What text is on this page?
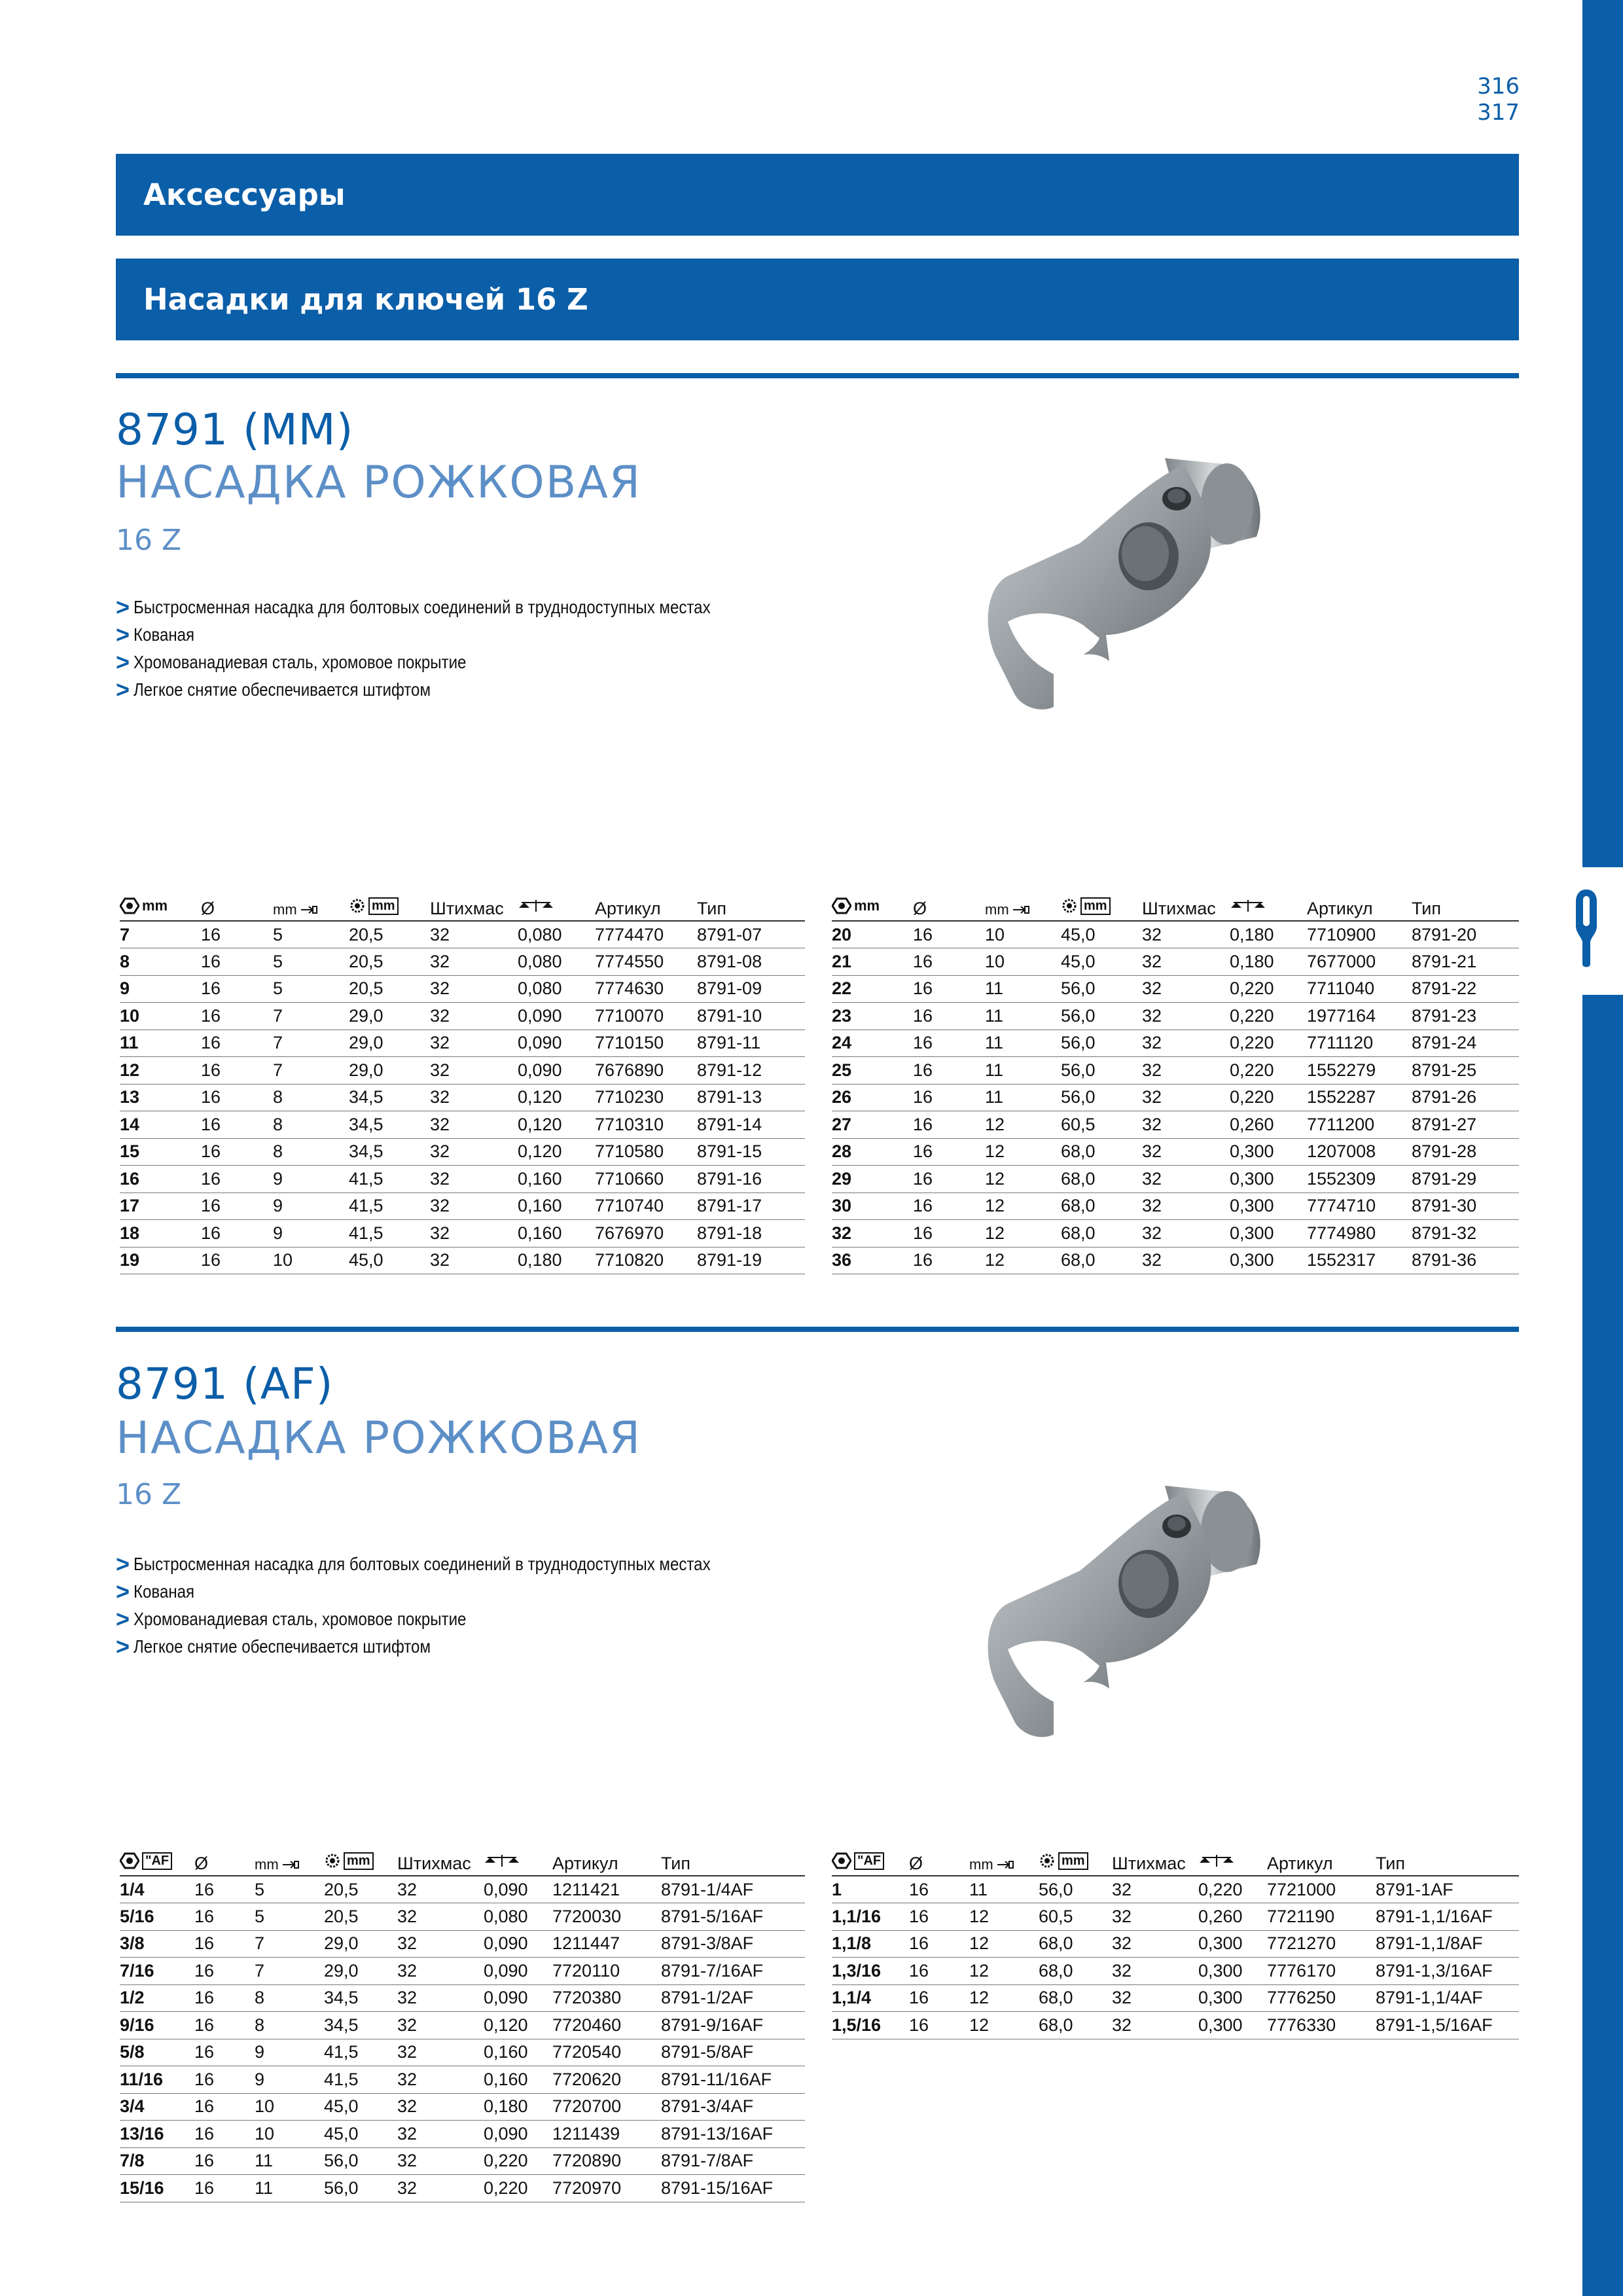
316
317
Аксессуары
Насадки для ключей 16 Z
8791 (MM)
НАСАДКА РОЖКОВАЯ
16 Z
> Быстросменная насадка для болтовых соединений в труднодоступных местах
> Кованая
> Хромованадиевая сталь, хромовое покрытие
> Легкое снятие обеспечивается штифтом
mm	Ø	mm	mm	Штихмас		Артикул	Тип
7	16	5	20,5	32	0,080	7774470	8791-07
8	16	5	20,5	32	0,080	7774550	8791-08
9	16	5	20,5	32	0,080	7774630	8791-09
10	16	7	29,0	32	0,090	7710070	8791-10
11	16	7	29,0	32	0,090	7710150	8791-11
12	16	7	29,0	32	0,090	7676890	8791-12
13	16	8	34,5	32	0,120	7710230	8791-13
14	16	8	34,5	32	0,120	7710310	8791-14
15	16	8	34,5	32	0,120	7710580	8791-15
16	16	9	41,5	32	0,160	7710660	8791-16
17	16	9	41,5	32	0,160	7710740	8791-17
18	16	9	41,5	32	0,160	7676970	8791-18
19	16	10	45,0	32	0,180	7710820	8791-19
mm	Ø	mm	mm	Штихмас		Артикул	Тип
20	16	10	45,0	32	0,180	7710900	8791-20
21	16	10	45,0	32	0,180	7677000	8791-21
22	16	11	56,0	32	0,220	7711040	8791-22
23	16	11	56,0	32	0,220	1977164	8791-23
24	16	11	56,0	32	0,220	7711120	8791-24
25	16	11	56,0	32	0,220	1552279	8791-25
26	16	11	56,0	32	0,220	1552287	8791-26
27	16	12	60,5	32	0,260	7711200	8791-27
28	16	12	68,0	32	0,300	1207008	8791-28
29	16	12	68,0	32	0,300	1552309	8791-29
30	16	12	68,0	32	0,300	7774710	8791-30
32	16	12	68,0	32	0,300	7774980	8791-32
36	16	12	68,0	32	0,300	1552317	8791-36
8791 (AF)
НАСАДКА РОЖКОВАЯ
16 Z
> Быстросменная насадка для болтовых соединений в труднодоступных местах
> Кованая
> Хромованадиевая сталь, хромовое покрытие
> Легкое снятие обеспечивается штифтом
"AF	Ø	mm	mm	Штихмас		Артикул	Тип
1/4	16	5	20,5	32	0,090	1211421	8791-1/4AF
5/16	16	5	20,5	32	0,080	7720030	8791-5/16AF
3/8	16	7	29,0	32	0,090	1211447	8791-3/8AF
7/16	16	7	29,0	32	0,090	7720110	8791-7/16AF
1/2	16	8	34,5	32	0,090	7720380	8791-1/2AF
9/16	16	8	34,5	32	0,120	7720460	8791-9/16AF
5/8	16	9	41,5	32	0,160	7720540	8791-5/8AF
11/16	16	9	41,5	32	0,160	7720620	8791-11/16AF
3/4	16	10	45,0	32	0,180	7720700	8791-3/4AF
13/16	16	10	45,0	32	0,090	1211439	8791-13/16AF
7/8	16	11	56,0	32	0,220	7720890	8791-7/8AF
15/16	16	11	56,0	32	0,220	7720970	8791-15/16AF
"AF	Ø	mm	mm	Штихмас		Артикул	Тип
1	16	11	56,0	32	0,220	7721000	8791-1AF
1,1/16	16	12	60,5	32	0,260	7721190	8791-1,1/16AF
1,1/8	16	12	68,0	32	0,300	7721270	8791-1,1/8AF
1,3/16	16	12	68,0	32	0,300	7776170	8791-1,3/16AF
1,1/4	16	12	68,0	32	0,300	7776250	8791-1,1/4AF
1,5/16	16	12	68,0	32	0,300	7776330	8791-1,5/16AF
